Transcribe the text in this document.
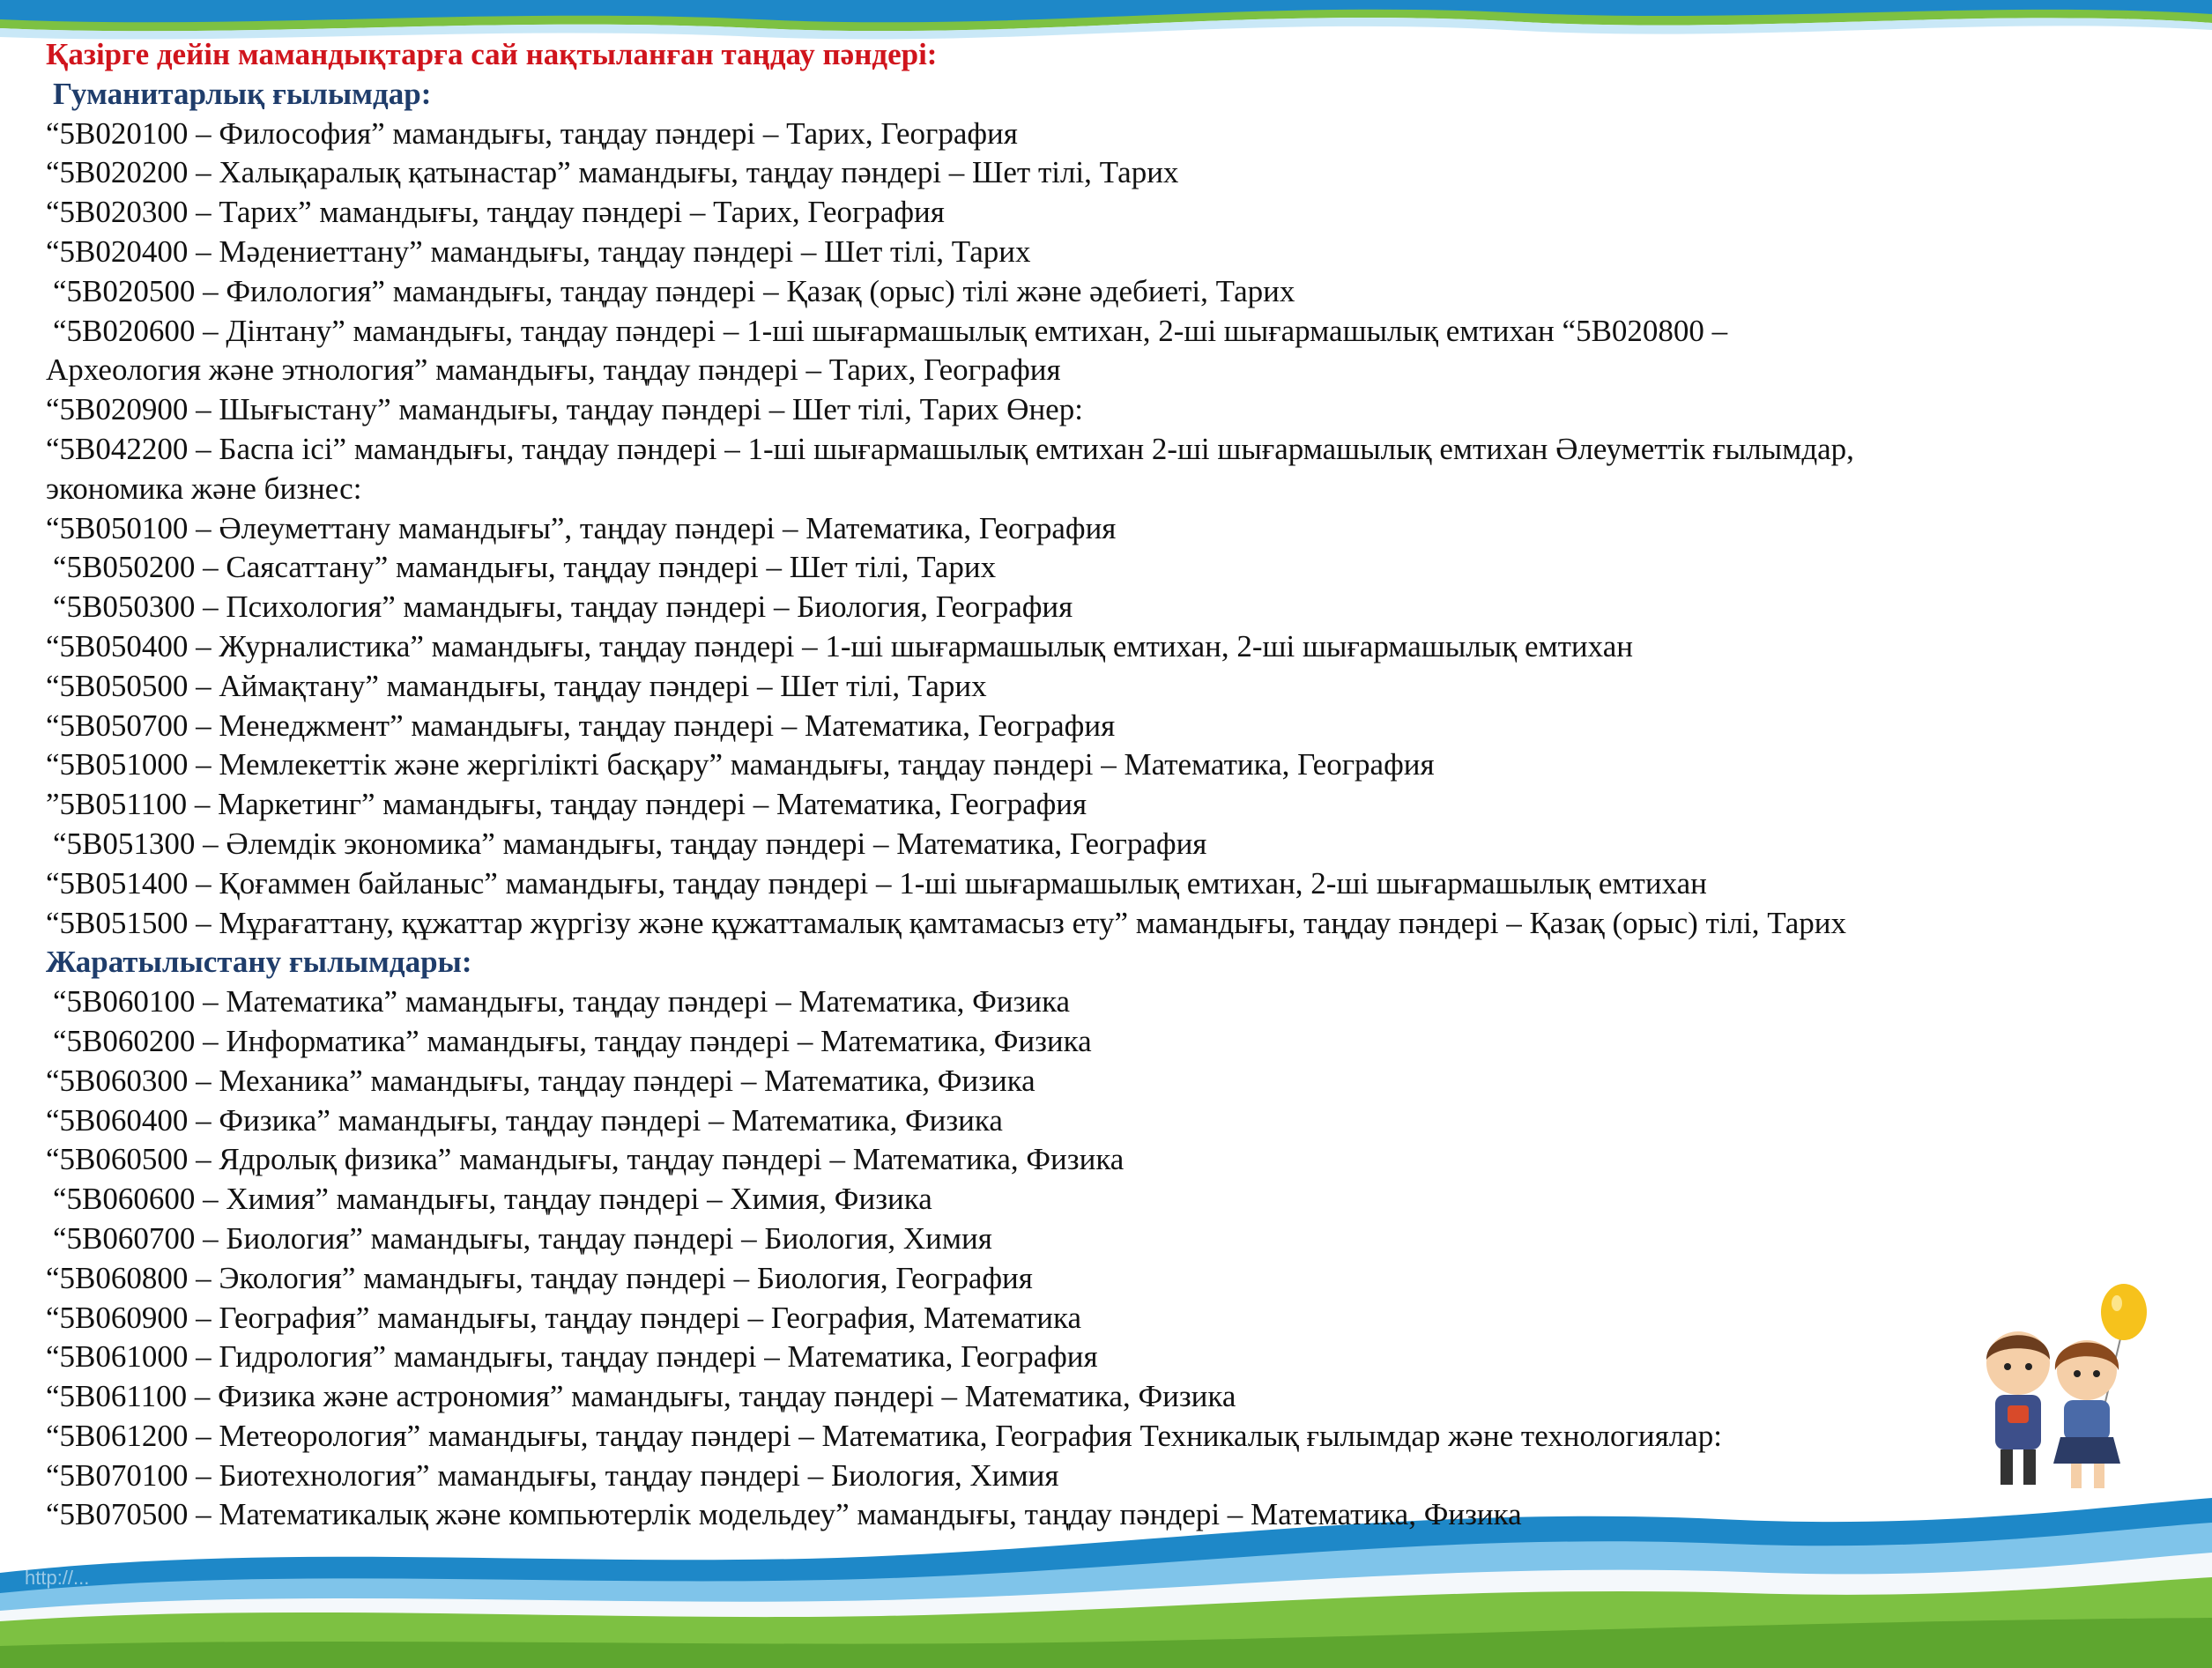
http://...
Қазірге дейін мамандықтарға сай нақтыланған таңдау пәндері:
Гуманитарлық ғылымдар:
“5В020100 – Философия” мамандығы, таңдау пәндері – Тарих, География
“5В020200 – Халықаралық қатынастар” мамандығы, таңдау пәндері – Шет тілі, Тарих
“5В020300 – Тарих” мамандығы, таңдау пәндері – Тарих, География
“5В020400 – Мәдениеттану” мамандығы, таңдау пәндері – Шет тілі, Тарих
“5В020500 – Филология” мамандығы, таңдау пәндері – Қазақ (орыс) тілі және әдебиеті, Тарих
“5В020600 – Дінтану” мамандығы, таңдау пәндері – 1-ші шығармашылық емтихан, 2-ші шығармашылық емтихан “5В020800 –
Археология және этнология” мамандығы, таңдау пәндері – Тарих, География
“5В020900 – Шығыстану” мамандығы, таңдау пәндері – Шет тілі, Тарих Өнер:
“5В042200 – Баспа ісі” мамандығы, таңдау пәндері – 1-ші шығармашылық емтихан 2-ші шығармашылық емтихан Әлеуметтік ғылымдар,
экономика және бизнес:
“5В050100 – Әлеуметтану мамандығы”, таңдау пәндері – Математика, География
“5В050200 – Саясаттану” мамандығы, таңдау пәндері – Шет тілі, Тарих
“5В050300 – Психология” мамандығы, таңдау пәндері – Биология, География
“5В050400 – Журналистика” мамандығы, таңдау пәндері – 1-ші шығармашылық емтихан, 2-ші шығармашылық емтихан
“5В050500 – Аймақтану” мамандығы, таңдау пәндері – Шет тілі, Тарих
“5В050700 – Менеджмент” мамандығы, таңдау пәндері – Математика, География
“5В051000 – Мемлекеттік және жергілікті басқару” мамандығы, таңдау пәндері – Математика, География
”5В051100 – Маркетинг” мамандығы, таңдау пәндері – Математика, География
“5В051300 – Әлемдік экономика” мамандығы, таңдау пәндері – Математика, География
“5В051400 – Қоғаммен байланыс” мамандығы, таңдау пәндері – 1-ші шығармашылық емтихан, 2-ші шығармашылық емтихан
“5В051500 – Мұрағаттану, құжаттар жүргізу және құжаттамалық қамтамасыз ету” мамандығы, таңдау пәндері – Қазақ (орыс) тілі, Тарих
Жаратылыстану ғылымдары:
“5В060100 – Математика” мамандығы, таңдау пәндері – Математика, Физика
“5В060200 – Информатика” мамандығы, таңдау пәндері – Математика, Физика
“5В060300 – Механика” мамандығы, таңдау пәндері – Математика, Физика
“5В060400 – Физика” мамандығы, таңдау пәндері – Математика, Физика
“5В060500 – Ядролық физика” мамандығы, таңдау пәндері – Математика, Физика
“5В060600 – Химия” мамандығы, таңдау пәндері – Химия, Физика
“5В060700 – Биология” мамандығы, таңдау пәндері – Биология, Химия
“5В060800 – Экология” мамандығы, таңдау пәндері – Биология, География
“5В060900 – География” мамандығы, таңдау пәндері – География, Математика
“5В061000 – Гидрология” мамандығы, таңдау пәндері – Математика, География
“5В061100 – Физика және астрономия” мамандығы, таңдау пәндері – Математика, Физика
“5В061200 – Метеорология” мамандығы, таңдау пәндері – Математика, География Техникалық ғылымдар және технологиялар:
“5В070100 – Биотехнология” мамандығы, таңдау пәндері – Биология, Химия
“5В070500 – Математикалық және компьютерлік модельдеу” мамандығы, таңдау пәндері – Математика, Физика
